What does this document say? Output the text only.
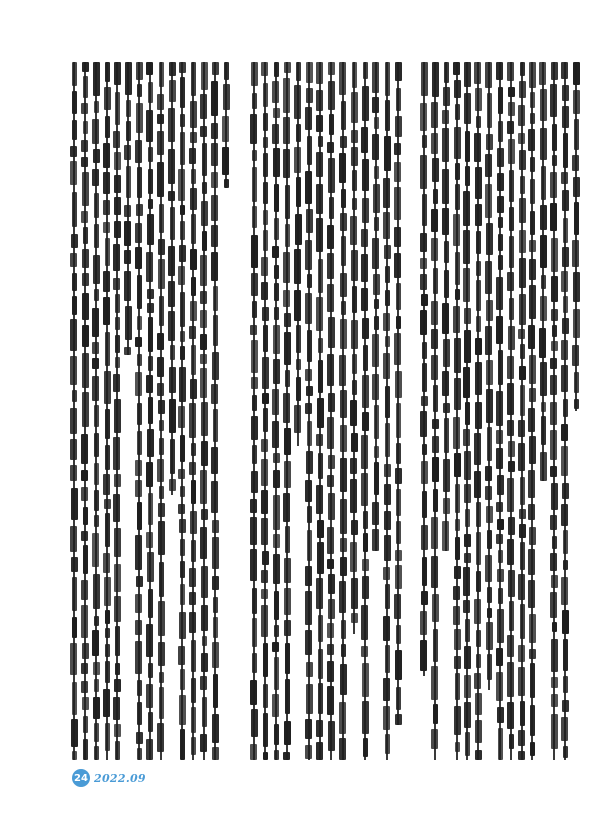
24 2022.09
